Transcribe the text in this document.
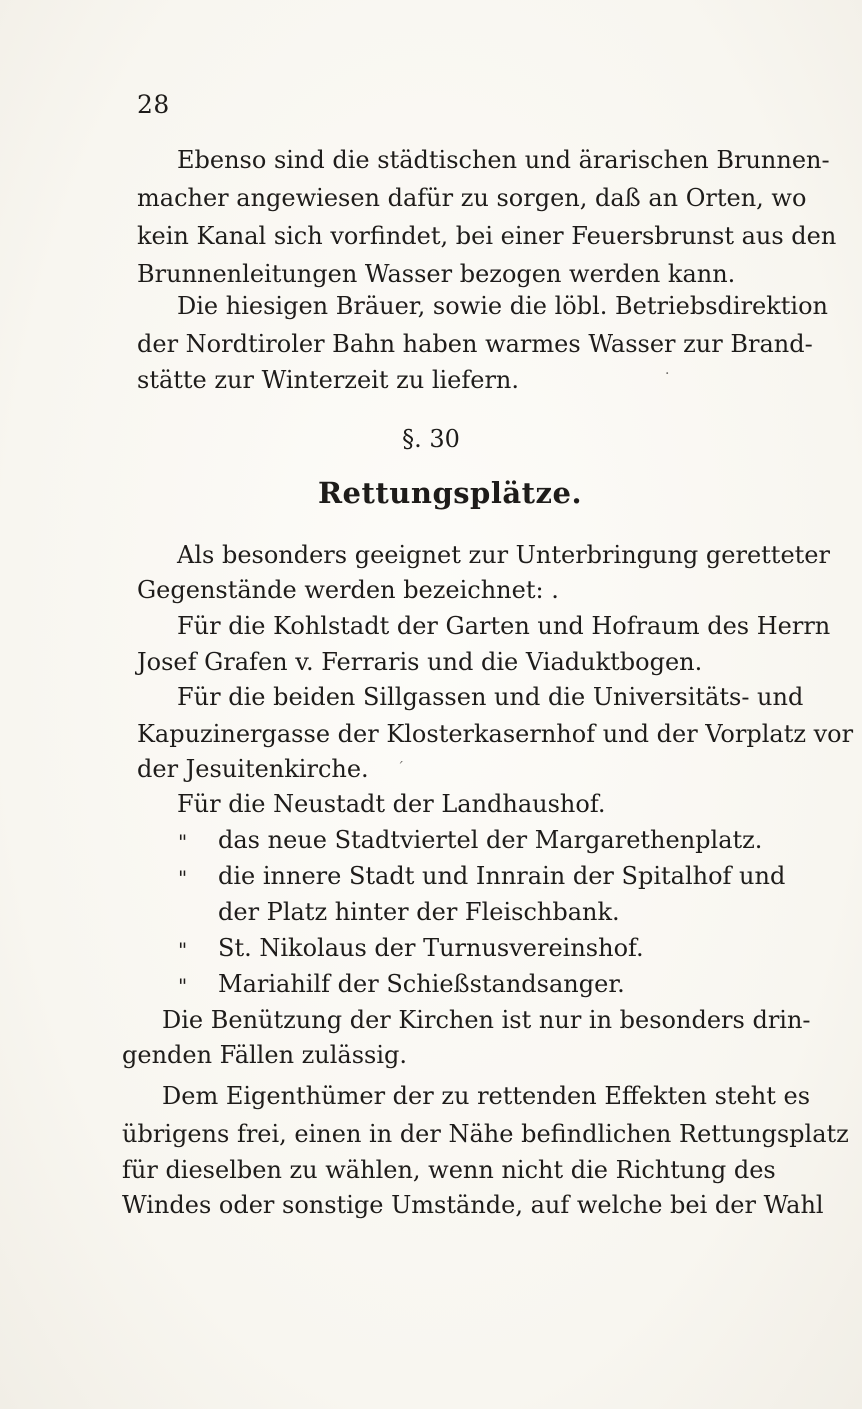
28
Ebenso sind die städtischen und ärarischen Brunnen-
macher angewiesen dafür zu sorgen, daß an Orten, wo
kein Kanal sich vorfindet, bei einer Feuersbrunst aus den
Brunnenleitungen Wasser bezogen werden kann.
Die hiesigen Bräuer, sowie die löbl. Betriebsdirektion
der Nordtiroler Bahn haben warmes Wasser zur Brand-
stätte zur Winterzeit zu liefern.
§. 30
Rettungsplätze.
Als besonders geeignet zur Unterbringung geretteter
Gegenstände werden bezeichnet: .
Für die Kohlstadt der Garten und Hofraum des Herrn
Josef Grafen v. Ferraris und die Viaduktbogen.
Für die beiden Sillgassen und die Universitäts- und
Kapuzinergasse der Klosterkasernhof und der Vorplatz vor
der Jesuitenkirche.
Für die Neustadt der Landhaushof.
" das neue Stadtviertel der Margarethenplatz.
" die innere Stadt und Innrain der Spitalhof und
der Platz hinter der Fleischbank.
" St. Nikolaus der Turnusvereinshof.
" Mariahilf der Schießstandsanger.
Die Benützung der Kirchen ist nur in besonders drin-
genden Fällen zulässig.
Dem Eigenthümer der zu rettenden Effekten steht es
übrigens frei, einen in der Nähe befindlichen Rettungsplatz
für dieselben zu wählen, wenn nicht die Richtung des
Windes oder sonstige Umstände, auf welche bei der Wahl
·
ˊ
